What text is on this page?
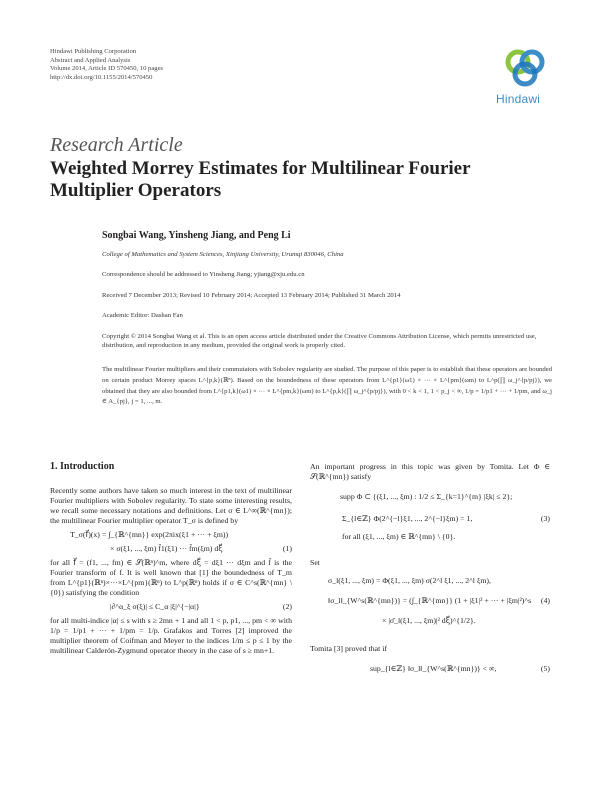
Hindawi Publishing Corporation
Abstract and Applied Analysis
Volume 2014, Article ID 570450, 10 pages
http://dx.doi.org/10.1155/2014/570450
Hindawi
Research Article
Weighted Morrey Estimates for Multilinear Fourier Multiplier Operators
Songbai Wang, Yinsheng Jiang, and Peng Li
College of Mathematics and System Sciences, Xinjiang University, Urumqi 830046, China
Correspondence should be addressed to Yinsheng Jiang; yjiang@xju.edu.cn
Received 7 December 2013; Revised 10 February 2014; Accepted 13 February 2014; Published 31 March 2014
Academic Editor: Dashan Fan
Copyright © 2014 Songbai Wang et al. This is an open access article distributed under the Creative Commons Attribution License, which permits unrestricted use, distribution, and reproduction in any medium, provided the original work is properly cited.
The multilinear Fourier multipliers and their commutators with Sobolev regularity are studied. The purpose of this paper is to establish that these operators are bounded on certain product Morrey spaces L^{p,k}(ℝⁿ). Based on the boundedness of these operators from L^{p1}(ω1) × ··· × L^{pm}(ωm) to L^p(∏ ω_j^{p/pj}), we obtained that they are also bounded from L^{p1,k}(ω1) × ··· × L^{pm,k}(ωm) to L^{p,k}(∏ ω_j^{p/pj}), with 0 < k < 1, 1 < p_j < ∞, 1/p = 1/p1 + ··· + 1/pm, and ω_j ∈ A_{pj}, j = 1, ..., m.
1. Introduction

Recently some authors have taken so much interest in the text of multilinear Fourier multipliers with Sobolev regularity. To state some interesting results, we recall some necessary notations and definitions. Let σ ∈ L^∞(ℝ^{mn}); the multilinear Fourier multiplier operator T_σ is defined by

T_σ(f⃗)(x) = ∫_{ℝ^{mn}} exp(2πix(ξ1 + ··· + ξm))
× σ(ξ1, ..., ξm) f̂1(ξ1) ··· f̂m(ξm) dξ⃗	(1)

for all f⃗ = (f1, ..., fm) ∈ 𝒮(ℝⁿ)^m, where dξ⃗ = dξ1 ··· dξm and f̂ is the Fourier transform of f. It is well known that [1] the boundedness of T_m from L^{p1}(ℝⁿ)×···×L^{pm}(ℝⁿ) to L^p(ℝⁿ) holds if σ ∈ C^s(ℝ^{mn} \ {0}) satisfying the condition

|∂^α_ξ σ(ξ)| ≤ C_α |ξ|^{−|α|}	(2)

for all multi-indice |α| ≤ s with s ≥ 2mn + 1 and all 1 < p, p1, ..., pm < ∞ with 1/p = 1/p1 + ··· + 1/pm = 1/p. Grafakos and Torres [2] improved the multiplier theorem of Coifman and Meyer to the indices 1/m ≤ p ≤ 1 by the multilinear Calderón-Zygmund operator theory in the case of s ≥ mn+1.

An important progress in this topic was given by Tomita. Let Φ ∈ 𝒮(ℝ^{mn}) satisfy

supp Φ ⊂ {(ξ1, ..., ξm) : 1/2 ≤ Σ_{k=1}^{m} |ξk| ≤ 2};
Σ_{l∈ℤ} Φ(2^{−l}ξ1, ..., 2^{−l}ξm) = 1,	(3)
for all (ξ1, ..., ξm) ∈ ℝ^{mn} \ {0}.

Set

σ_l(ξ1, ..., ξm) = Φ(ξ1, ..., ξm) σ(2^l ξ1, ..., 2^l ξm),
‖σ_l‖_{W^s(ℝ^{mn})} = (∫_{ℝ^{mn}} (1 + |ξ1|² + ··· + |ξm|²)^s (4)
× |σ̂_l(ξ1, ..., ξm)|² dξ⃗)^{1/2}.

Tomita [3] proved that if

sup_{l∈ℤ} ‖σ_l‖_{W^s(ℝ^{mn})} < ∞,	(5)
